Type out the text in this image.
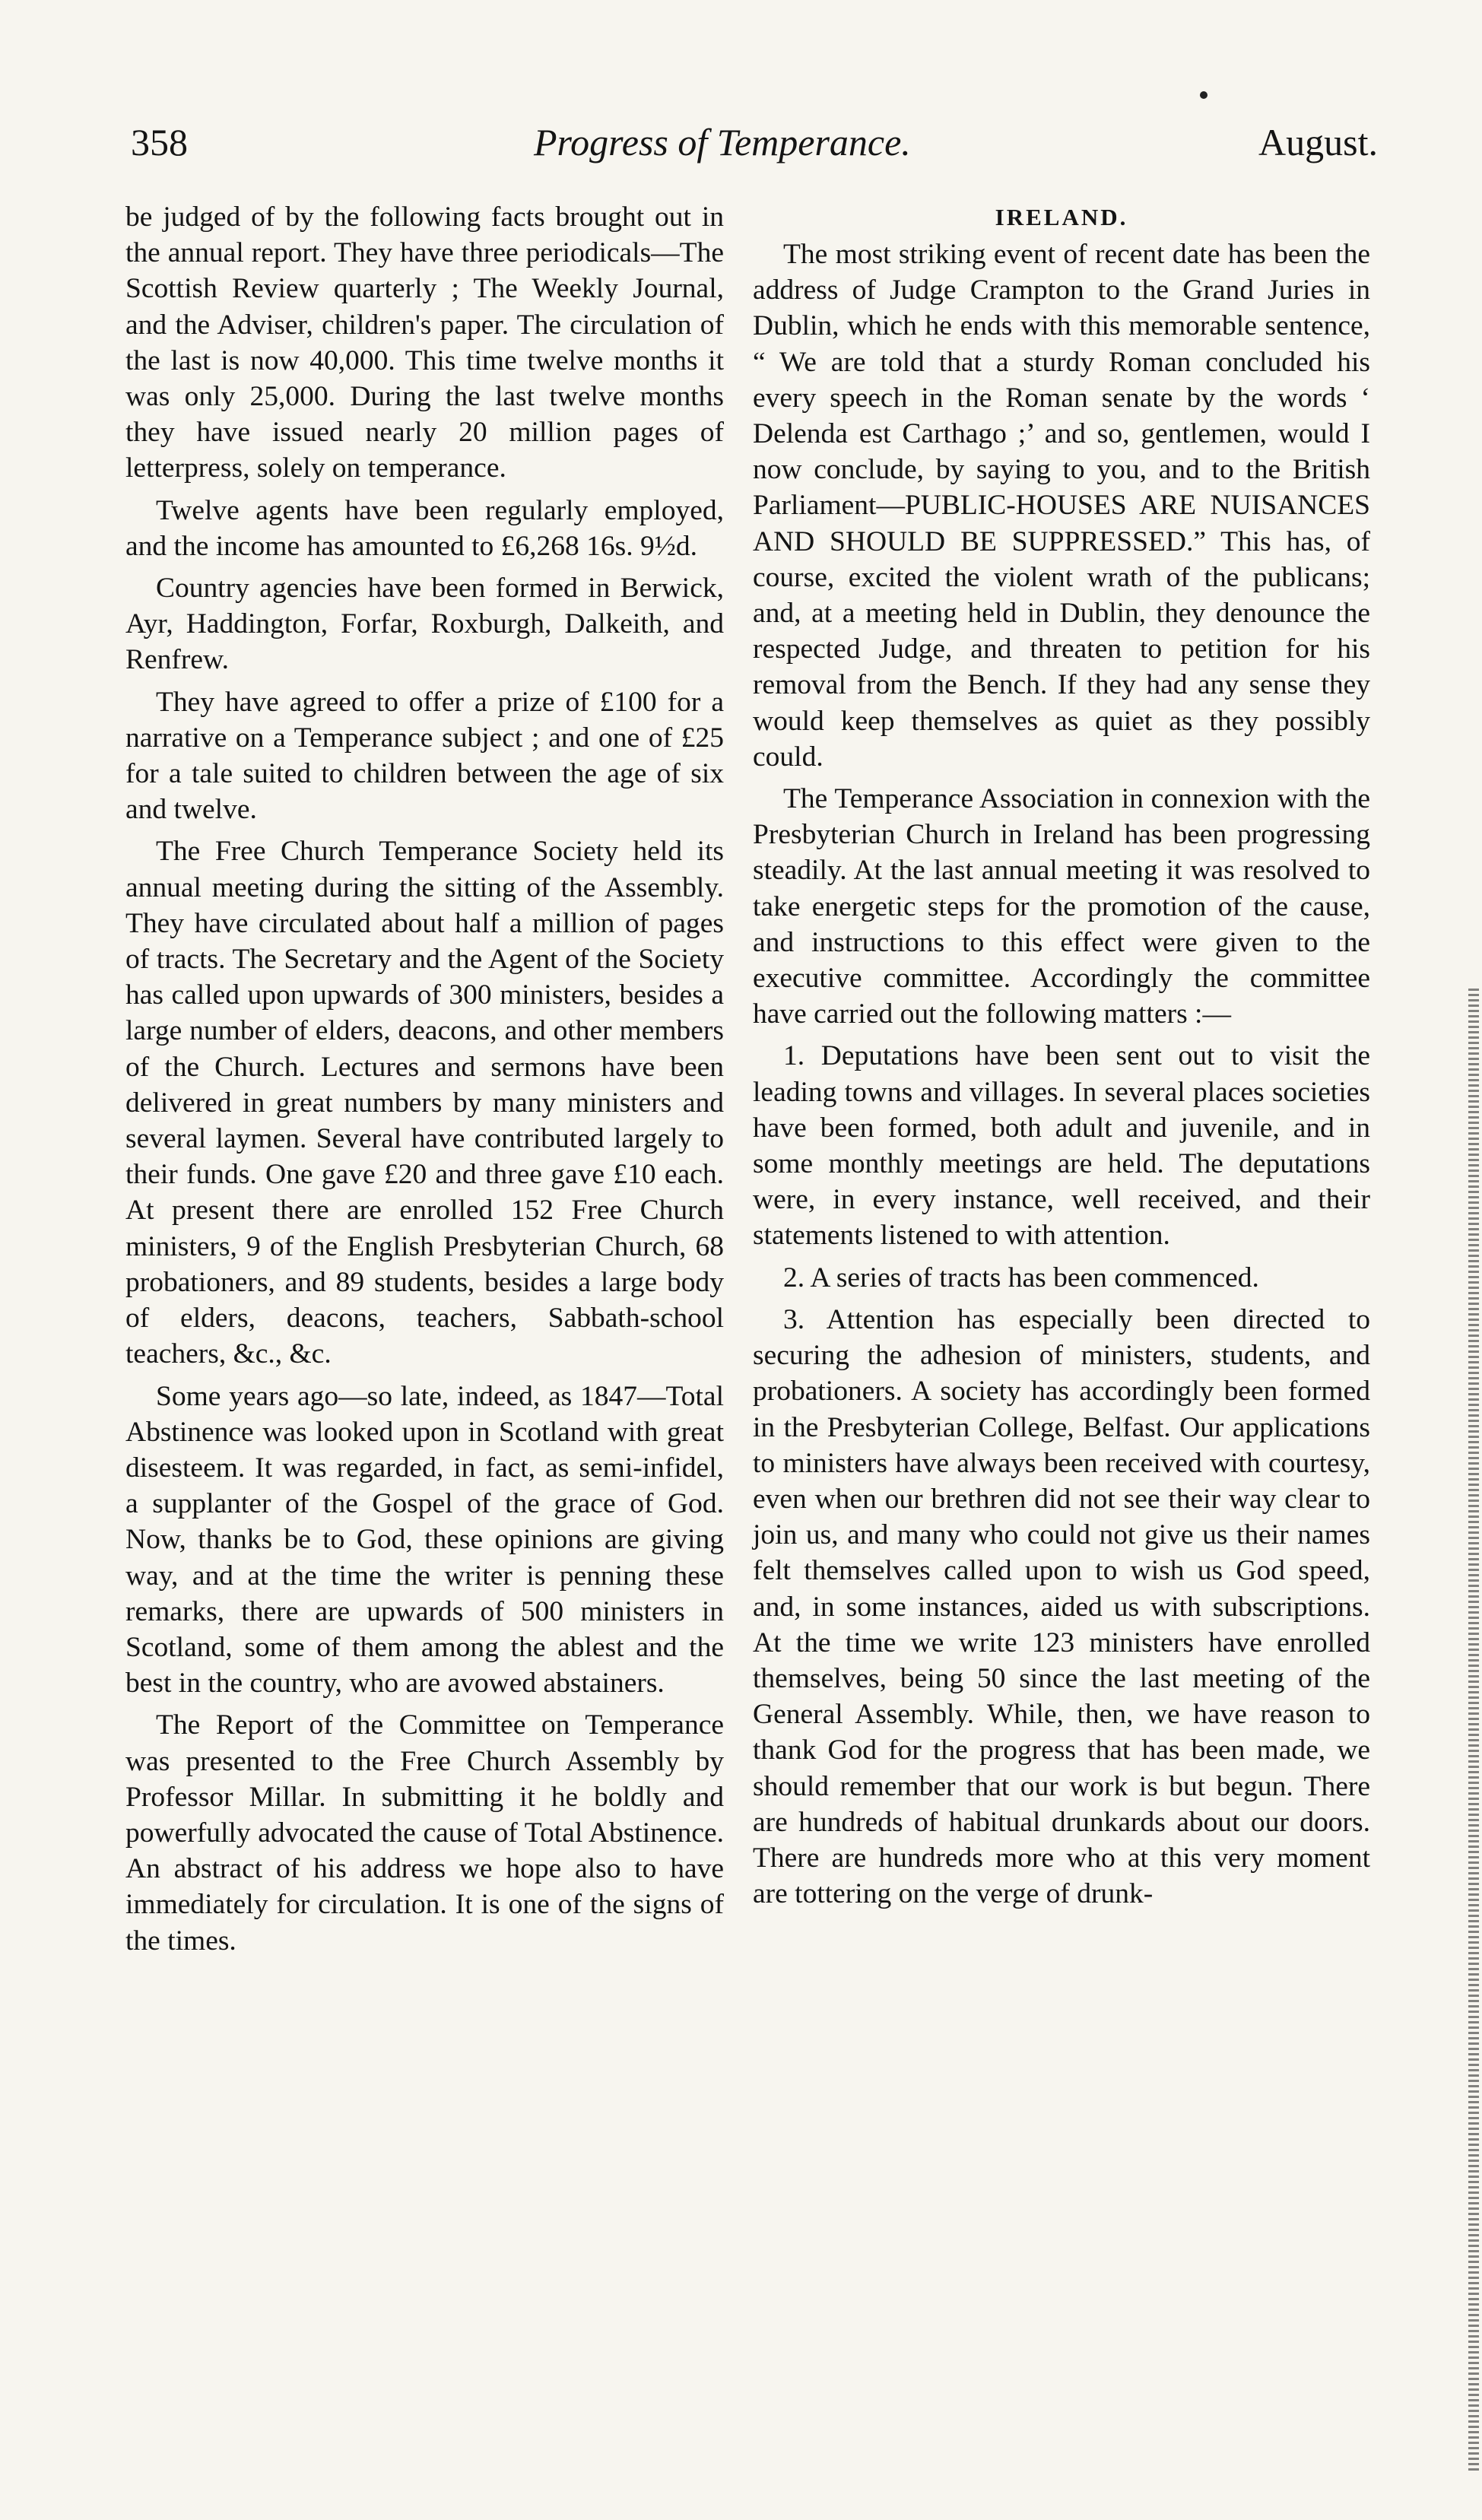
358	Progress of Temperance.	August.

be judged of by the following facts brought out in the annual report. They have three periodicals—The Scottish Review quarterly ; The Weekly Journal, and the Adviser, children's paper. The circulation of the last is now 40,000. This time twelve months it was only 25,000. During the last twelve months they have issued nearly 20 million pages of letterpress, solely on temperance.

Twelve agents have been regularly employed, and the income has amounted to £6,268 16s. 9½d.

Country agencies have been formed in Berwick, Ayr, Haddington, Forfar, Roxburgh, Dalkeith, and Renfrew.

They have agreed to offer a prize of £100 for a narrative on a Temperance subject ; and one of £25 for a tale suited to children between the age of six and twelve.

The Free Church Temperance Society held its annual meeting during the sitting of the Assembly. They have circulated about half a million of pages of tracts. The Secretary and the Agent of the Society has called upon upwards of 300 ministers, besides a large number of elders, deacons, and other members of the Church. Lectures and sermons have been delivered in great numbers by many ministers and several laymen. Several have contributed largely to their funds. One gave £20 and three gave £10 each. At present there are enrolled 152 Free Church ministers, 9 of the English Presbyterian Church, 68 probationers, and 89 students, besides a large body of elders, deacons, teachers, Sabbath-school teachers, &c., &c.

Some years ago—so late, indeed, as 1847—Total Abstinence was looked upon in Scotland with great disesteem. It was regarded, in fact, as semi-infidel, a supplanter of the Gospel of the grace of God. Now, thanks be to God, these opinions are giving way, and at the time the writer is penning these remarks, there are upwards of 500 ministers in Scotland, some of them among the ablest and the best in the country, who are avowed abstainers.

The Report of the Committee on Temperance was presented to the Free Church Assembly by Professor Millar. In submitting it he boldly and powerfully advocated the cause of Total Abstinence. An abstract of his address we hope also to have immediately for circulation. It is one of the signs of the times.

IRELAND.

The most striking event of recent date has been the address of Judge Crampton to the Grand Juries in Dublin, which he ends with this memorable sentence, “ We are told that a sturdy Roman concluded his every speech in the Roman senate by the words ‘ Delenda est Carthago ;’ and so, gentlemen, would I now conclude, by saying to you, and to the British Parliament—PUBLIC-HOUSES ARE NUISANCES AND SHOULD BE SUPPRESSED.” This has, of course, excited the violent wrath of the publicans; and, at a meeting held in Dublin, they denounce the respected Judge, and threaten to petition for his removal from the Bench. If they had any sense they would keep themselves as quiet as they possibly could.

The Temperance Association in connexion with the Presbyterian Church in Ireland has been progressing steadily. At the last annual meeting it was resolved to take energetic steps for the promotion of the cause, and instructions to this effect were given to the executive committee. Accordingly the committee have carried out the following matters :—

1. Deputations have been sent out to visit the leading towns and villages. In several places societies have been formed, both adult and juvenile, and in some monthly meetings are held. The deputations were, in every instance, well received, and their statements listened to with attention.

2. A series of tracts has been commenced.

3. Attention has especially been directed to securing the adhesion of ministers, students, and probationers. A society has accordingly been formed in the Presbyterian College, Belfast. Our applications to ministers have always been received with courtesy, even when our brethren did not see their way clear to join us, and many who could not give us their names felt themselves called upon to wish us God speed, and, in some instances, aided us with subscriptions. At the time we write 123 ministers have enrolled themselves, being 50 since the last meeting of the General Assembly. While, then, we have reason to thank God for the progress that has been made, we should remember that our work is but begun. There are hundreds of habitual drunkards about our doors. There are hundreds more who at this very moment are tottering on the verge of drunk-
